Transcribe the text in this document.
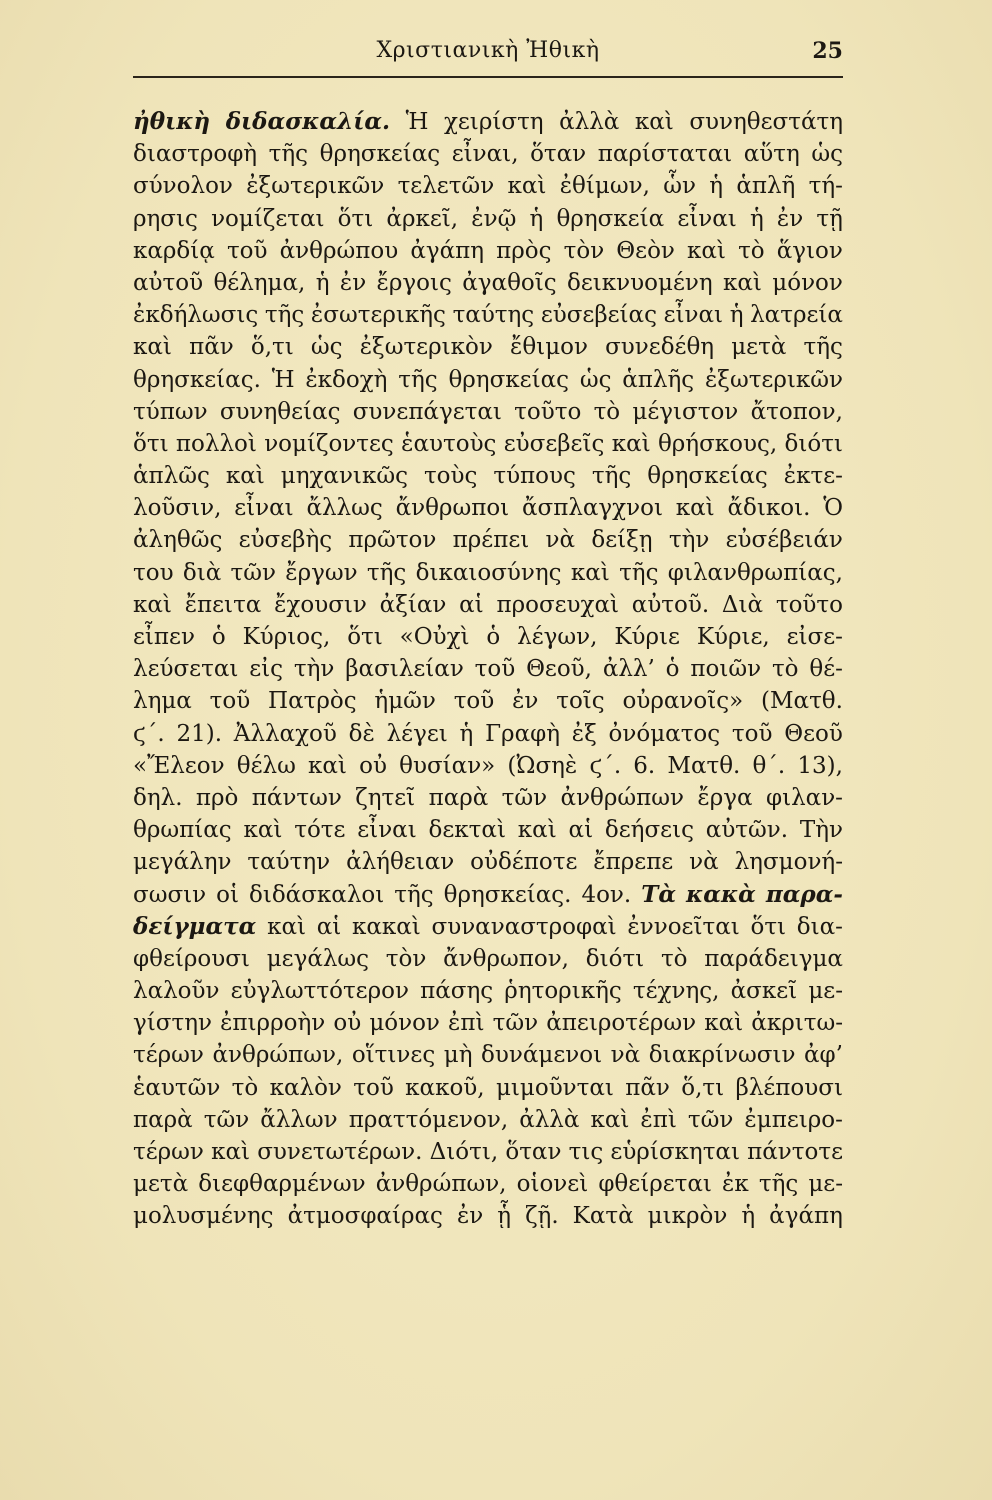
Χριστιανικὴ Ἠθικὴ	25
ἠθικὴ διδασκαλία. Ἡ χειρίστη ἀλλὰ καὶ συνηθεστάτη
διαστροφὴ τῆς θρησκείας εἶναι, ὅταν παρίσταται αὕτη ὡς
σύνολον ἐξωτερικῶν τελετῶν καὶ ἐθίμων, ὧν ἡ ἁπλῆ τή-
ρησις νομίζεται ὅτι ἀρκεῖ, ἐνῷ ἡ θρησκεία εἶναι ἡ ἐν τῇ
καρδίᾳ τοῦ ἀνθρώπου ἀγάπη πρὸς τὸν Θεὸν καὶ τὸ ἅγιον
αὐτοῦ θέλημα, ἡ ἐν ἔργοις ἀγαθοῖς δεικνυομένη καὶ μόνον
ἐκδήλωσις τῆς ἐσωτερικῆς ταύτης εὐσεβείας εἶναι ἡ λατρεία
καὶ πᾶν ὅ,τι ὡς ἐξωτερικὸν ἔθιμον συνεδέθη μετὰ τῆς
θρησκείας. Ἡ ἐκδοχὴ τῆς θρησκείας ὡς ἁπλῆς ἐξωτερικῶν
τύπων συνηθείας συνεπάγεται τοῦτο τὸ μέγιστον ἄτοπον,
ὅτι πολλοὶ νομίζοντες ἑαυτοὺς εὐσεβεῖς καὶ θρήσκους, διότι
ἁπλῶς καὶ μηχανικῶς τοὺς τύπους τῆς θρησκείας ἐκτε-
λοῦσιν, εἶναι ἄλλως ἄνθρωποι ἄσπλαγχνοι καὶ ἄδικοι. Ὁ
ἀληθῶς εὐσεβὴς πρῶτον πρέπει νὰ δείξῃ τὴν εὐσέβειάν
του διὰ τῶν ἔργων τῆς δικαιοσύνης καὶ τῆς φιλανθρωπίας,
καὶ ἔπειτα ἔχουσιν ἀξίαν αἱ προσευχαὶ αὐτοῦ. Διὰ τοῦτο
εἶπεν ὁ Κύριος, ὅτι «Οὐχὶ ὁ λέγων, Κύριε Κύριε, εἰσε-
λεύσεται εἰς τὴν βασιλείαν τοῦ Θεοῦ, ἀλλ’ ὁ ποιῶν τὸ θέ-
λημα τοῦ Πατρὸς ἡμῶν τοῦ ἐν τοῖς οὐρανοῖς» (Ματθ.
ϛ΄. 21). Ἀλλαχοῦ δὲ λέγει ἡ Γραφὴ ἐξ ὀνόματος τοῦ Θεοῦ
«Ἔλεον θέλω καὶ οὐ θυσίαν» (Ὠσηὲ ϛ΄. 6. Ματθ. θ΄. 13),
δηλ. πρὸ πάντων ζητεῖ παρὰ τῶν ἀνθρώπων ἔργα φιλαν-
θρωπίας καὶ τότε εἶναι δεκταὶ καὶ αἱ δεήσεις αὐτῶν. Τὴν
μεγάλην ταύτην ἀλήθειαν οὐδέποτε ἔπρεπε νὰ λησμονή-
σωσιν οἱ διδάσκαλοι τῆς θρησκείας. 4ον. Τὰ κακὰ παρα-
δείγματα καὶ αἱ κακαὶ συναναστροφαὶ ἐννοεῖται ὅτι δια-
φθείρουσι μεγάλως τὸν ἄνθρωπον, διότι τὸ παράδειγμα
λαλοῦν εὐγλωττότερον πάσης ῥητορικῆς τέχνης, ἀσκεῖ με-
γίστην ἐπιρροὴν οὐ μόνον ἐπὶ τῶν ἀπειροτέρων καὶ ἀκριτω-
τέρων ἀνθρώπων, οἵτινες μὴ δυνάμενοι νὰ διακρίνωσιν ἀφ’
ἑαυτῶν τὸ καλὸν τοῦ κακοῦ, μιμοῦνται πᾶν ὅ,τι βλέπουσι
παρὰ τῶν ἄλλων πραττόμενον, ἀλλὰ καὶ ἐπὶ τῶν ἐμπειρο-
τέρων καὶ συνετωτέρων. Διότι, ὅταν τις εὑρίσκηται πάντοτε
μετὰ διεφθαρμένων ἀνθρώπων, οἱονεὶ φθείρεται ἐκ τῆς με-
μολυσμένης ἀτμοσφαίρας ἐν ᾗ ζῇ. Κατὰ μικρὸν ἡ ἀγάπη
